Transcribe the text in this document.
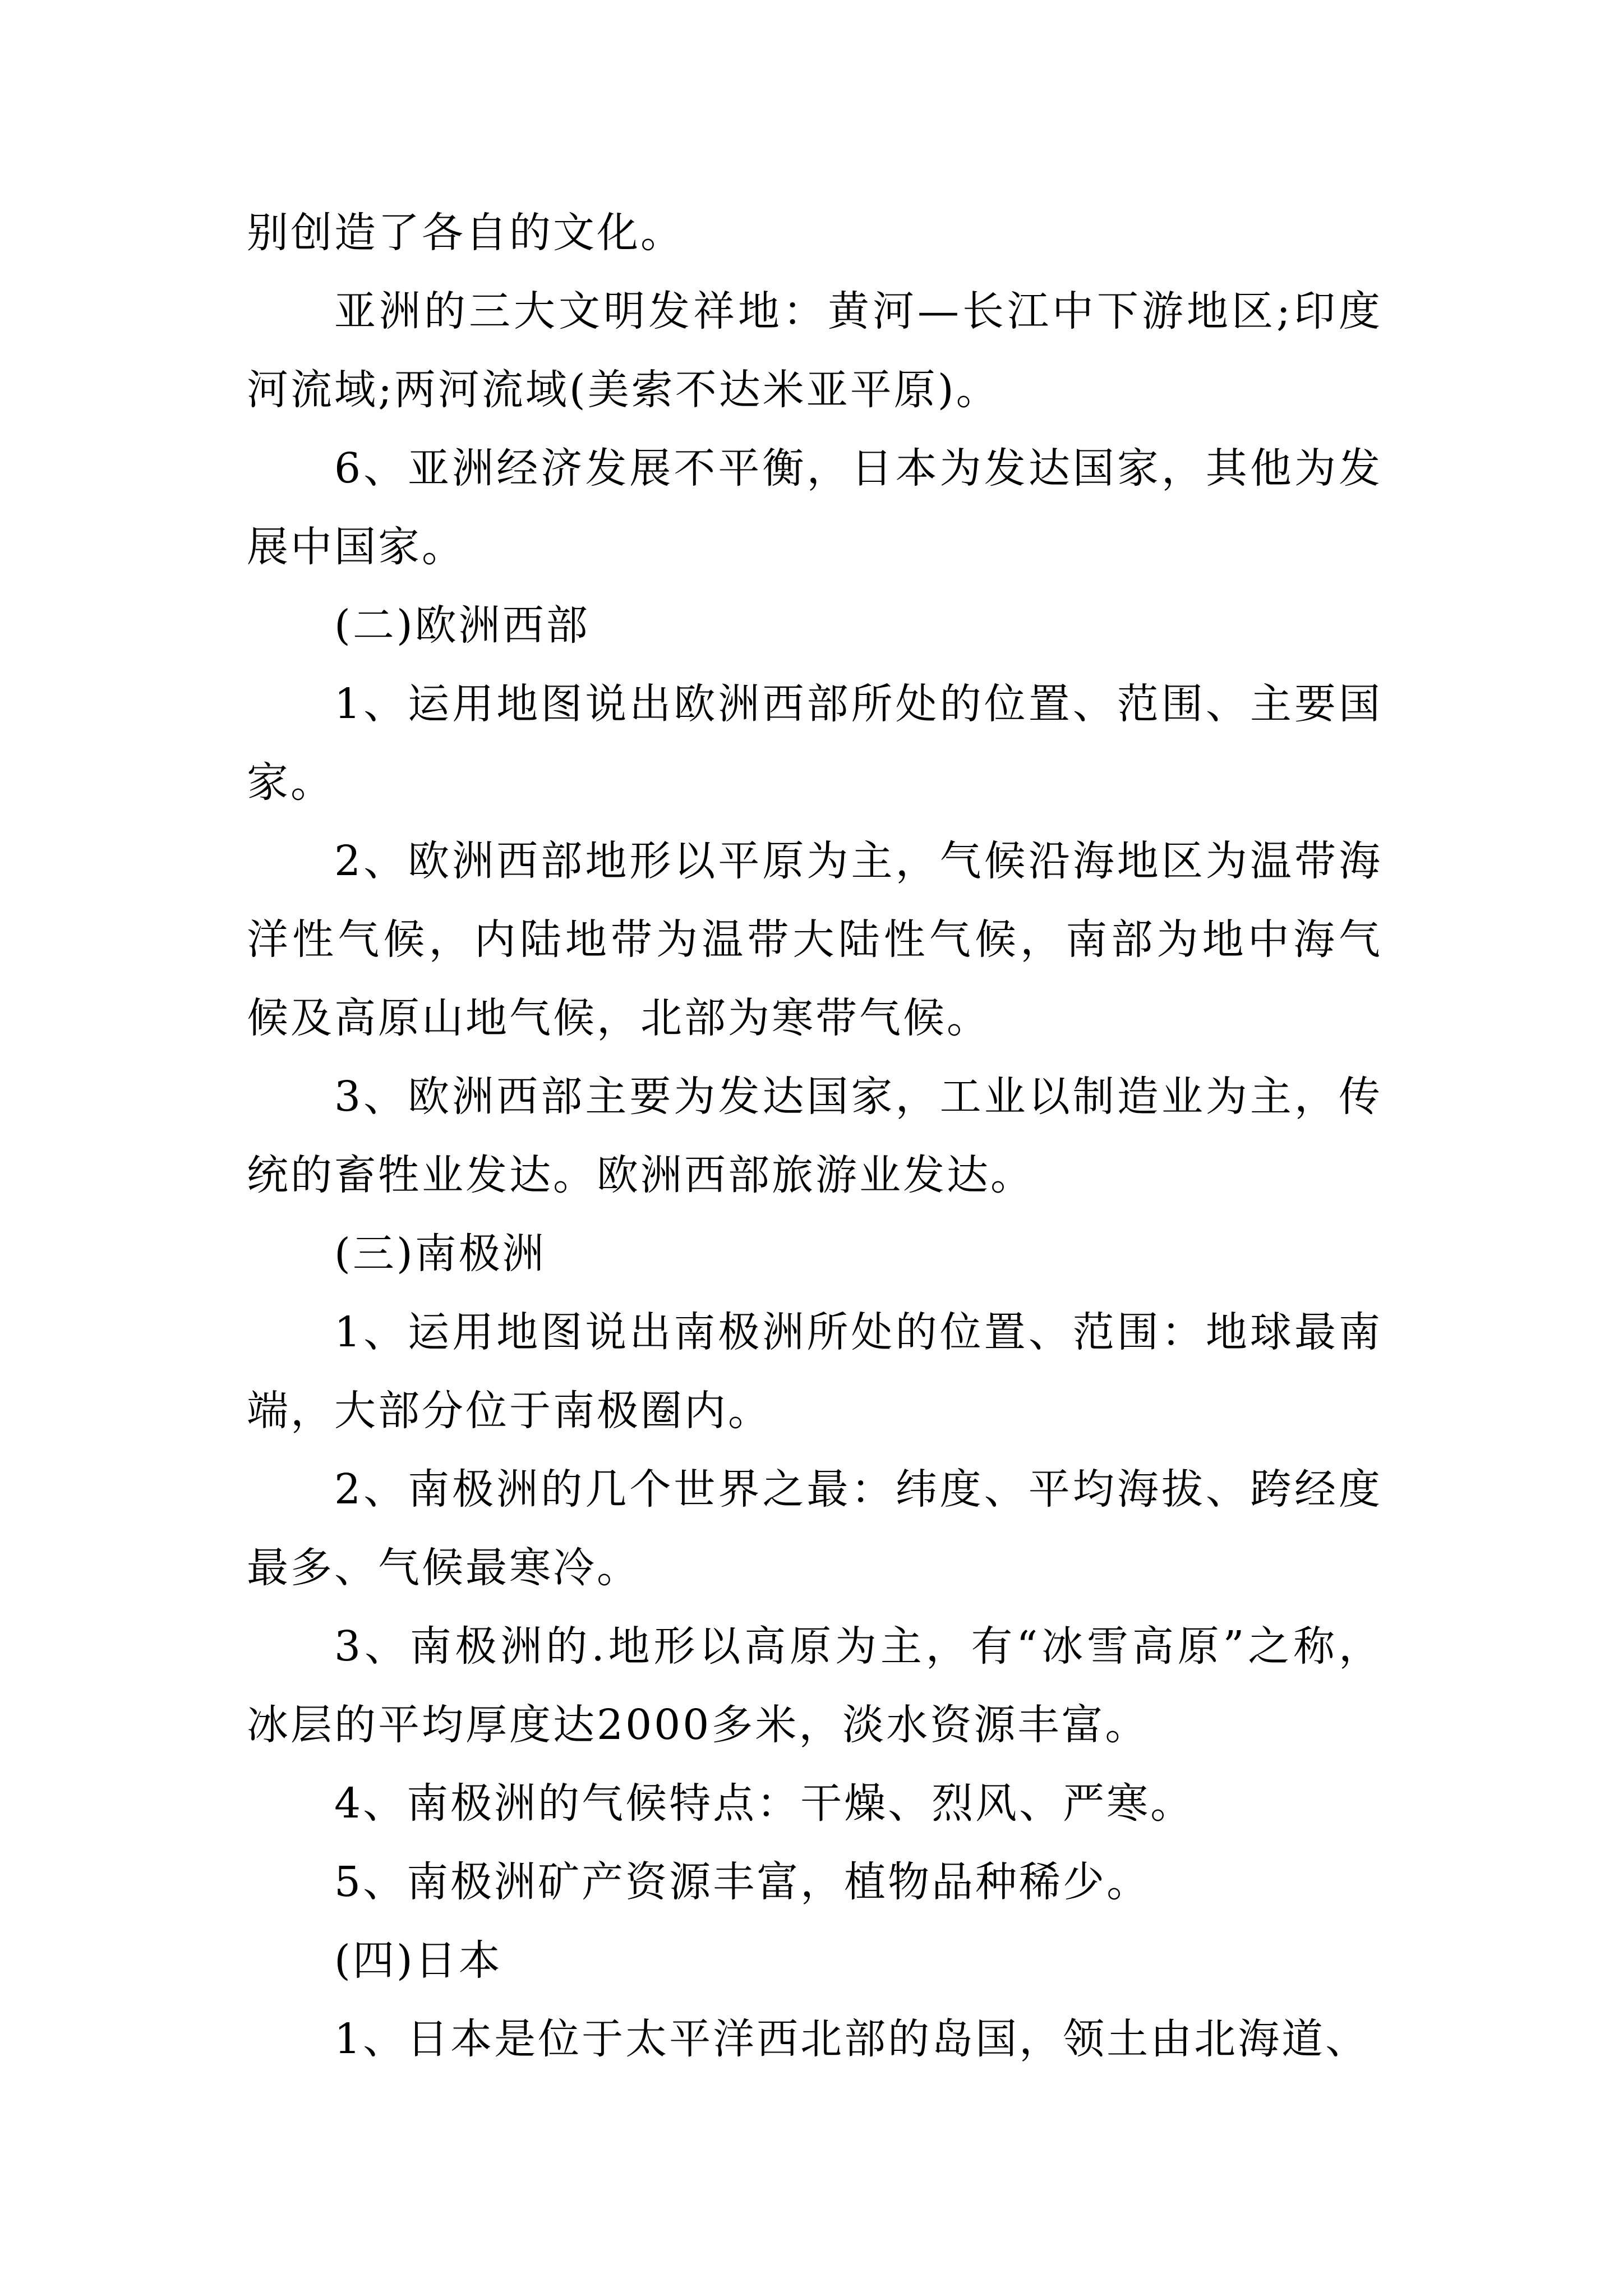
别创造了各自的文化。

亚洲的三大文明发祥地：黄河—长江中下游地区;印度河流域;两河流域(美索不达米亚平原)。

6、亚洲经济发展不平衡，日本为发达国家，其他为发展中国家。

(二)欧洲西部

1、运用地图说出欧洲西部所处的位置、范围、主要国家。

2、欧洲西部地形以平原为主，气候沿海地区为温带海洋性气候，内陆地带为温带大陆性气候，南部为地中海气候及高原山地气候，北部为寒带气候。

3、欧洲西部主要为发达国家，工业以制造业为主，传统的畜牲业发达。欧洲西部旅游业发达。

(三)南极洲

1、运用地图说出南极洲所处的位置、范围：地球最南端，大部分位于南极圈内。

2、南极洲的几个世界之最：纬度、平均海拔、跨经度最多、气候最寒冷。

3、南极洲的.地形以高原为主，有“冰雪高原”之称，冰层的平均厚度达2000多米，淡水资源丰富。

4、南极洲的气候特点：干燥、烈风、严寒。

5、南极洲矿产资源丰富，植物品种稀少。

(四)日本

1、日本是位于太平洋西北部的岛国，领土由北海道、
